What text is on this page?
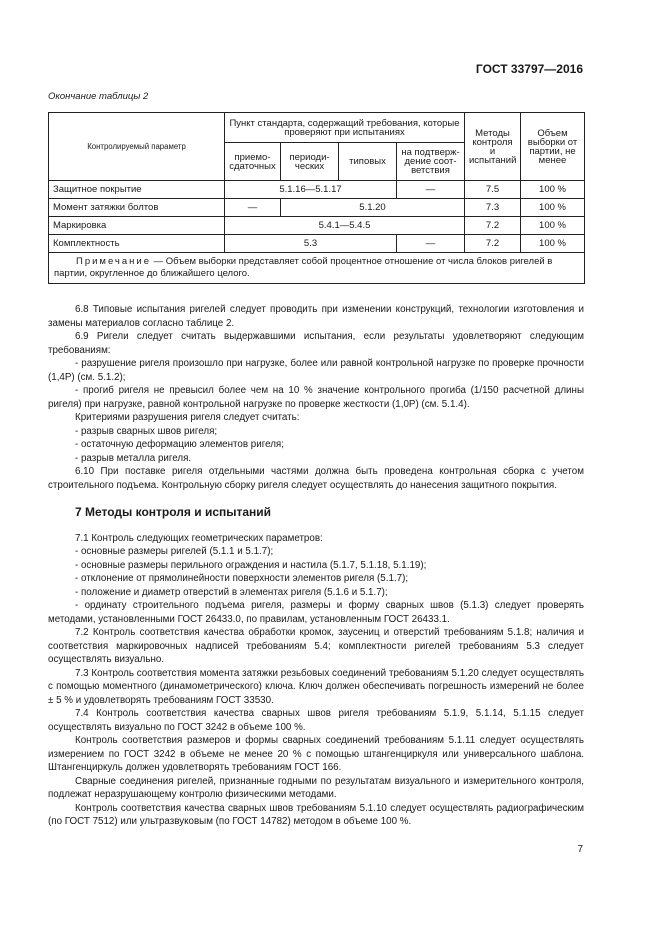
ГОСТ 33797—2016
Окончание таблицы 2
Контролируемый параметр	Пункт стандарта, содержащий требования, которые проверяют при испытаниях				Методы контроля и испытаний	Объем выборки от партии, не менее
	приемо-сдаточных	периоди-ческих	типовых	на подтверж-дение соот-ветствия		
Защитное покрытие	5.1.16—5.1.17			—	7.5	100 %
Момент затяжки болтов	—	5.1.20			7.3	100 %
Маркировка	5.4.1—5.4.5				7.2	100 %
Комплектность	5.3			—	7.2	100 %
Примечание — Объем выборки представляет собой процентное отношение от числа блоков ригелей в партии, округленное до ближайшего целого.						

6.8 Типовые испытания ригелей следует проводить при изменении конструкций, технологии изготовления и замены материалов согласно таблице 2.

6.9 Ригели следует считать выдержавшими испытания, если результаты удовлетворяют следующим требованиям:

- разрушение ригеля произошло при нагрузке, более или равной контрольной нагрузке по проверке прочности (1,4P) (см. 5.1.2);

- прогиб ригеля не превысил более чем на 10 % значение контрольного прогиба (1/150 расчетной длины ригеля) при нагрузке, равной контрольной нагрузке по проверке жесткости (1,0P) (см. 5.1.4).

Критериями разрушения ригеля следует считать:

- разрыв сварных швов ригеля;

- остаточную деформацию элементов ригеля;

- разрыв металла ригеля.

6.10 При поставке ригеля отдельными частями должна быть проведена контрольная сборка с учетом строительного подъема. Контрольную сборку ригеля следует осуществлять до нанесения защитного покрытия.

7 Методы контроля и испытаний

7.1 Контроль следующих геометрических параметров:

- основные размеры ригелей (5.1.1 и 5.1.7);

- основные размеры перильного ограждения и настила (5.1.7, 5.1.18, 5.1.19);

- отклонение от прямолинейности поверхности элементов ригеля (5.1.7);

- положение и диаметр отверстий в элементах ригеля (5.1.6 и 5.1.7);

- ординату строительного подъема ригеля, размеры и форму сварных швов (5.1.3) следует проверять методами, установленными ГОСТ 26433.0, по правилам, установленным ГОСТ 26433.1.

7.2 Контроль соответствия качества обработки кромок, заусениц и отверстий требованиям 5.1.8; наличия и соответствия маркировочных надписей требованиям 5.4; комплектности ригелей требованиям 5.3 следует осуществлять визуально.

7.3 Контроль соответствия момента затяжки резьбовых соединений требованиям 5.1.20 следует осуществлять с помощью моментного (динамометрического) ключа. Ключ должен обеспечивать погрешность измерений не более ± 5 % и удовлетворять требованиям ГОСТ 33530.

7.4 Контроль соответствия качества сварных швов ригеля требованиям 5.1.9, 5.1.14, 5.1.15 следует осуществлять визуально по ГОСТ 3242 в объеме 100 %.

Контроль соответствия размеров и формы сварных соединений требованиям 5.1.11 следует осуществлять измерением по ГОСТ 3242 в объеме не менее 20 % с помощью штангенциркуля или универсального шаблона. Штангенциркуль должен удовлетворять требованиям ГОСТ 166.

Сварные соединения ригелей, признанные годными по результатам визуального и измерительного контроля, подлежат неразрушающему контролю физическими методами.

Контроль соответствия качества сварных швов требованиям 5.1.10 следует осуществлять радиографическим (по ГОСТ 7512) или ультразвуковым (по ГОСТ 14782) методом в объеме 100 %.

7
